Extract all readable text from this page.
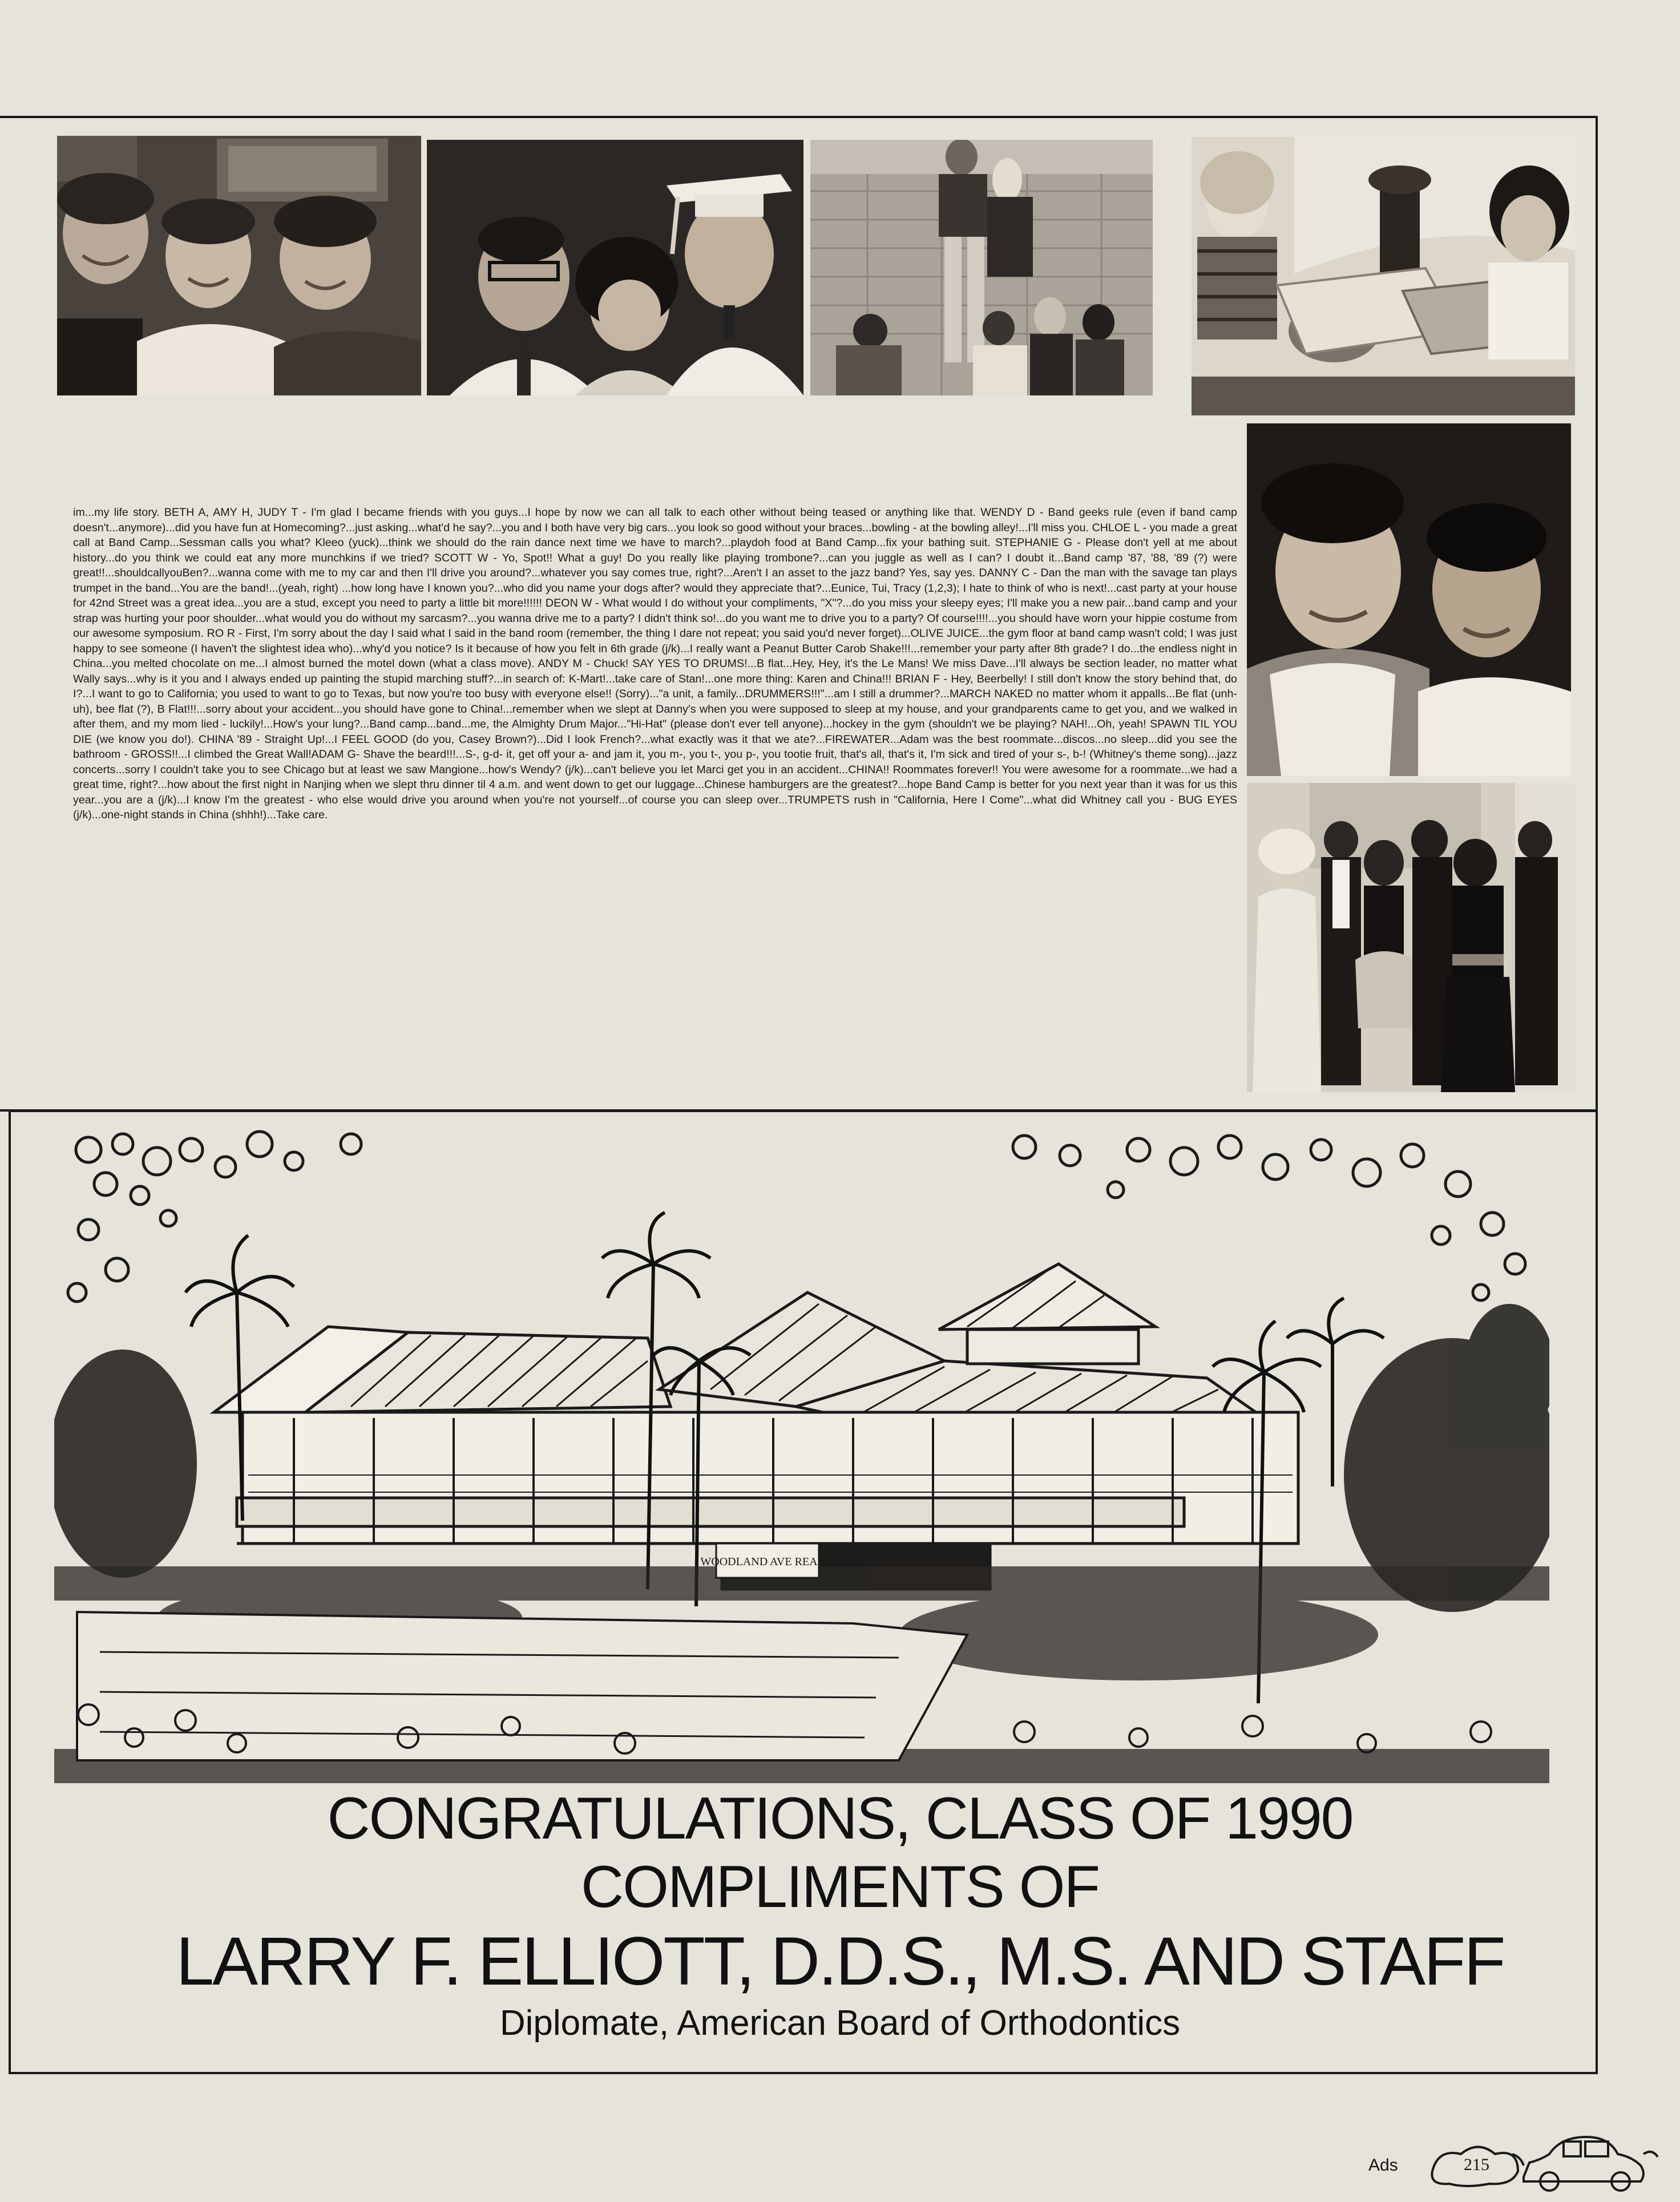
im...my life story. BETH A, AMY H, JUDY T - I'm glad I became friends with you guys...I hope by now we can all talk to each other without being teased or anything like that. WENDY D - Band geeks rule (even if band camp doesn't...anymore)...did you have fun at Homecoming?...just asking...what'd he say?...you and I both have very big cars...you look so good without your braces...bowling - at the bowling alley!...I'll miss you. CHLOE L - you made a great call at Band Camp...Sessman calls you what? Kleeo (yuck)...think we should do the rain dance next time we have to march?...playdoh food at Band Camp...fix your bathing suit. STEPHANIE G - Please don't yell at me about history...do you think we could eat any more munchkins if we tried? SCOTT W - Yo, Spot!! What a guy! Do you really like playing trombone?...can you juggle as well as I can? I doubt it...Band camp '87, '88, '89 (?) were great!!...shouldcallyouBen?...wanna come with me to my car and then I'll drive you around?...whatever you say comes true, right?...Aren't I an asset to the jazz band? Yes, say yes. DANNY C - Dan the man with the savage tan plays trumpet in the band...You are the band!...(yeah, right) ...how long have I known you?...who did you name your dogs after? would they appreciate that?...Eunice, Tui, Tracy (1,2,3); I hate to think of who is next!...cast party at your house for 42nd Street was a great idea...you are a stud, except you need to party a little bit more!!!!!! DEON W - What would I do without your compliments, "X"?...do you miss your sleepy eyes; I'll make you a new pair...band camp and your strap was hurting your poor shoulder...what would you do without my sarcasm?...you wanna drive me to a party? I didn't think so!...do you want me to drive you to a party? Of course!!!!...you should have worn your hippie costume from our awesome symposium. RO R - First, I'm sorry about the day I said what I said in the band room (remember, the thing I dare not repeat; you said you'd never forget)...OLIVE JUICE...the gym floor at band camp wasn't cold; I was just happy to see someone (I haven't the slightest idea who)...why'd you notice? Is it because of how you felt in 6th grade (j/k)...I really want a Peanut Butter Carob Shake!!!...remember your party after 8th grade? I do...the endless night in China...you melted chocolate on me...I almost burned the motel down (what a class move). ANDY M - Chuck! SAY YES TO DRUMS!...B flat...Hey, Hey, it's the Le Mans! We miss Dave...I'll always be section leader, no matter what Wally says...why is it you and I always ended up painting the stupid marching stuff?...in search of: K-Mart!...take care of Stan!...one more thing: Karen and China!!! BRIAN F - Hey, Beerbelly! I still don't know the story behind that, do I?...I want to go to California; you used to want to go to Texas, but now you're too busy with everyone else!! (Sorry)..."a unit, a family...DRUMMERS!!!"...am I still a drummer?...MARCH NAKED no matter whom it appalls...Be flat (unh-uh), bee flat (?), B Flat!!!...sorry about your accident...you should have gone to China!...remember when we slept at Danny's when you were supposed to sleep at my house, and your grandparents came to get you, and we walked in after them, and my mom lied - luckily!...How's your lung?...Band camp...band...me, the Almighty Drum Major..."Hi-Hat" (please don't ever tell anyone)...hockey in the gym (shouldn't we be playing? NAH!...Oh, yeah! SPAWN TIL YOU DIE (we know you do!). CHINA '89 - Straight Up!...I FEEL GOOD (do you, Casey Brown?)...Did I look French?...what exactly was it that we ate?...FIREWATER...Adam was the best roommate...discos...no sleep...did you see the bathroom - GROSS!!...I climbed the Great Wall!ADAM G- Shave the beard!!!...S-, g-d- it, get off your a- and jam it, you m-, you t-, you p-, you tootie fruit, that's all, that's it, I'm sick and tired of your s-, b-! (Whitney's theme song)...jazz concerts...sorry I couldn't take you to see Chicago but at least we saw Mangione...how's Wendy? (j/k)...can't believe you let Marci get you in an accident...CHINA!! Roommates forever!! You were awesome for a roommate...we had a great time, right?...how about the first night in Nanjing when we slept thru dinner til 4 a.m. and went down to get our luggage...Chinese hamburgers are the greatest?...hope Band Camp is better for you next year than it was for us this year...you are a (j/k)...I know I'm the greatest - who else would drive you around when you're not yourself...of course you can sleep over...TRUMPETS rush in "California, Here I Come"...what did Whitney call you - BUG EYES (j/k)...one-night stands in China (shhh!)...Take care.
WOODLAND AVE REALM
CONGRATULATIONS, CLASS OF 1990
COMPLIMENTS OF
LARRY F. ELLIOTT, D.D.S., M.S. AND STAFF
Diplomate, American Board of Orthodontics
Ads	215
